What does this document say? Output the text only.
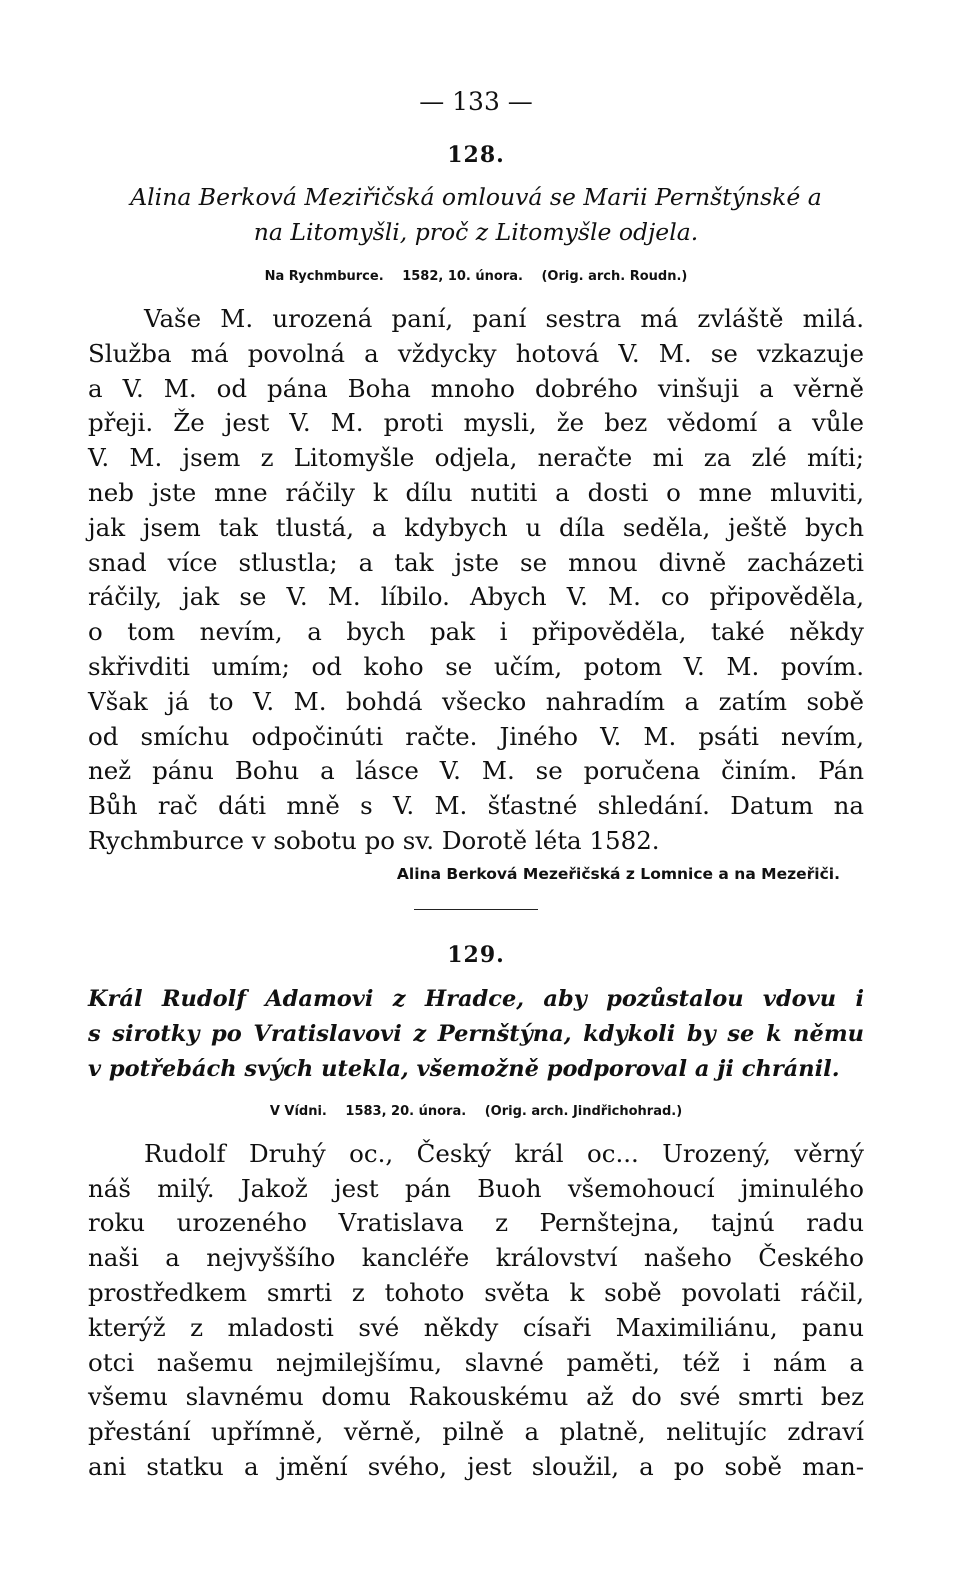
— 133 —
128.
Alina Berková Meziřičská omlouvá se Marii Pernštýnské a
na Litomyšli, proč z Litomyšle odjela.
Na Rychmburce. 1582, 10. února. (Orig. arch. Roudn.)
Vaše M. urozená paní, paní sestra má zvláště milá.
Služba má povolná a vždycky hotová V. M. se vzkazuje
a V. M. od pána Boha mnoho dobrého vinšuji a věrně
přeji. Že jest V. M. proti mysli, že bez vědomí a vůle
V. M. jsem z Litomyšle odjela, neračte mi za zlé míti;
neb jste mne ráčily k dílu nutiti a dosti o mne mluviti,
jak jsem tak tlustá, a kdybych u díla seděla, ještě bych
snad více stlustla; a tak jste se mnou divně zacházeti
ráčily, jak se V. M. líbilo. Abych V. M. co připověděla,
o tom nevím, a bych pak i připověděla, také někdy
skřivditi umím; od koho se učím, potom V. M. povím.
Však já to V. M. bohdá všecko nahradím a zatím sobě
od smíchu odpočinúti račte. Jiného V. M. psáti nevím,
než pánu Bohu a lásce V. M. se poručena činím. Pán
Bůh rač dáti mně s V. M. šťastné shledání. Datum na
Rychmburce v sobotu po sv. Dorotě léta 1582.
Alina Berková Mezeřičská z Lomnice a na Mezeřiči.
129.
Král Rudolf Adamovi z Hradce, aby pozůstalou vdovu i
s sirotky po Vratislavovi z Pernštýna, kdykoli by se k němu
v potřebách svých utekla, všemožně podporoval a ji chránil.
V Vídni. 1583, 20. února. (Orig. arch. Jindřichohrad.)
Rudolf Druhý oc., Český král oc... Urozený, věrný
náš milý. Jakož jest pán Buoh všemohoucí jminulého
roku urozeného Vratislava z Pernštejna, tajnú radu
naši a nejvyššího kancléře království našeho Českého
prostředkem smrti z tohoto světa k sobě povolati ráčil,
kterýž z mladosti své někdy císaři Maximiliánu, panu
otci našemu nejmilejšímu, slavné paměti, též i nám a
všemu slavnému domu Rakouskému až do své smrti bez
přestání upřímně, věrně, pilně a platně, nelitujíc zdraví
ani statku a jmění svého, jest sloužil, a po sobě man-
